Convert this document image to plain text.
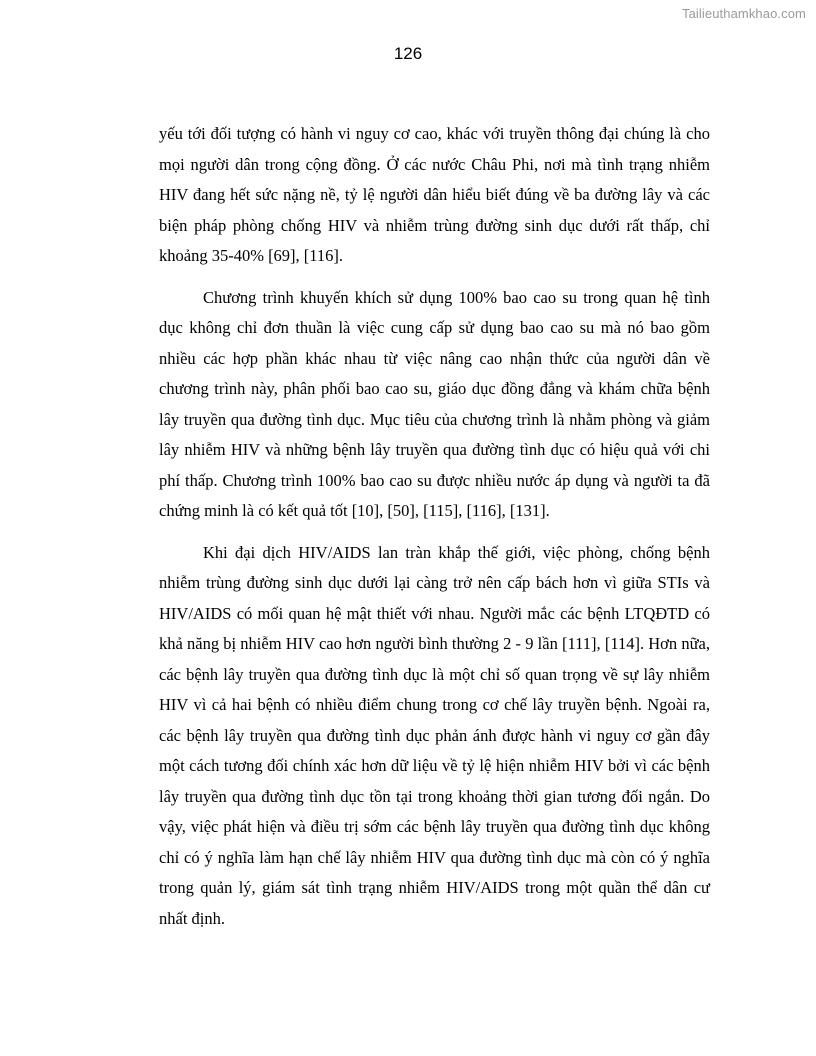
Tailieuthamkhao.com
126

yếu tới đối tượng có hành vi nguy cơ cao, khác với truyền thông đại chúng là cho mọi người dân trong cộng đồng. Ở các nước Châu Phi, nơi mà tình trạng nhiễm HIV đang hết sức nặng nề, tỷ lệ người dân hiểu biết đúng về ba đường lây và các biện pháp phòng chống HIV và nhiễm trùng đường sinh dục dưới rất thấp, chỉ khoảng 35-40% [69], [116].

Chương trình khuyến khích sử dụng 100% bao cao su trong quan hệ tình dục không chỉ đơn thuần là việc cung cấp sử dụng bao cao su mà nó bao gồm nhiều các hợp phần khác nhau từ việc nâng cao nhận thức của người dân về chương trình này, phân phối bao cao su, giáo dục đồng đẳng và khám chữa bệnh lây truyền qua đường tình dục. Mục tiêu của chương trình là nhằm phòng và giảm lây nhiễm HIV và những bệnh lây truyền qua đường tình dục có hiệu quả với chi phí thấp. Chương trình 100% bao cao su được nhiều nước áp dụng và người ta đã chứng minh là có kết quả tốt [10], [50], [115], [116], [131].

Khi đại dịch HIV/AIDS lan tràn khắp thế giới, việc phòng, chống bệnh nhiễm trùng đường sinh dục dưới lại càng trở nên cấp bách hơn vì giữa STIs và HIV/AIDS có mối quan hệ mật thiết với nhau. Người mắc các bệnh LTQĐTD có khả năng bị nhiễm HIV cao hơn người bình thường 2 - 9 lần [111], [114]. Hơn nữa, các bệnh lây truyền qua đường tình dục là một chỉ số quan trọng về sự lây nhiễm HIV vì cả hai bệnh có nhiều điểm chung trong cơ chế lây truyền bệnh. Ngoài ra, các bệnh lây truyền qua đường tình dục phản ánh được hành vi nguy cơ gần đây một cách tương đối chính xác hơn dữ liệu về tỷ lệ hiện nhiễm HIV bởi vì các bệnh lây truyền qua đường tình dục tồn tại trong khoảng thời gian tương đối ngắn. Do vậy, việc phát hiện và điều trị sớm các bệnh lây truyền qua đường tình dục không chỉ có ý nghĩa làm hạn chế lây nhiễm HIV qua đường tình dục mà còn có ý nghĩa trong quản lý, giám sát tình trạng nhiễm HIV/AIDS trong một quần thể dân cư nhất định.
